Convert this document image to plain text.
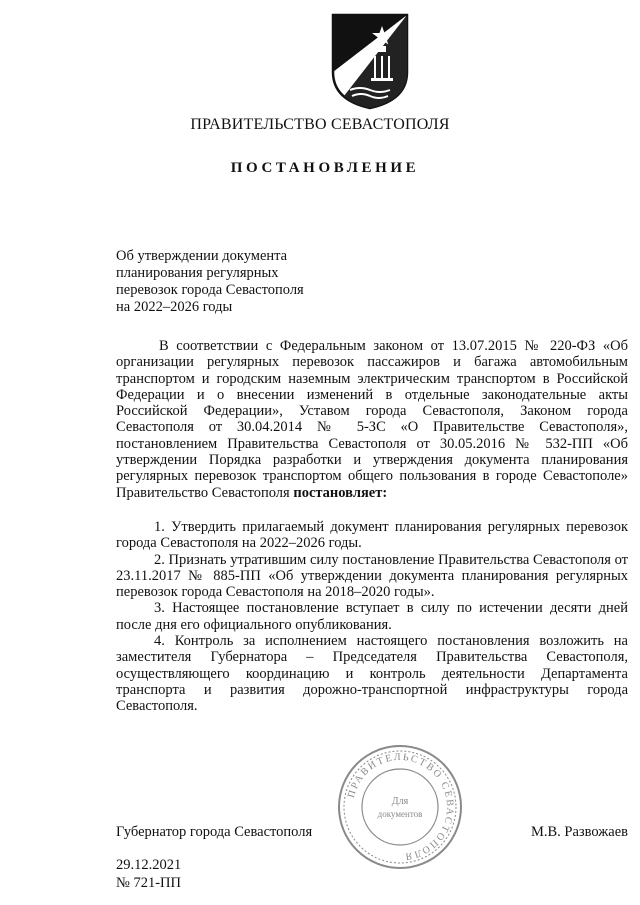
ПРАВИТЕЛЬСТВО СЕВАСТОПОЛЯ
ПОСТАНОВЛЕНИЕ
Об утверждении документа
планирования регулярных
перевозок города Севастополя
на 2022–2026 годы

В соответствии с Федеральным законом от 13.07.2015 № 220-ФЗ «Об организации регулярных перевозок пассажиров и багажа автомобильным транспортом и городским наземным электрическим транспортом в Российской Федерации и о внесении изменений в отдельные законодательные акты Российской Федерации», Уставом города Севастополя, Законом города Севастополя от 30.04.2014 № 5-ЗС «О Правительстве Севастополя», постановлением Правительства Севастополя от 30.05.2016 № 532-ПП «Об утверждении Порядка разработки и утверждения документа планирования регулярных перевозок транспортом общего пользования в городе Севастополе» Правительство Севастополя постановляет:

1. Утвердить прилагаемый документ планирования регулярных перевозок города Севастополя на 2022–2026 годы.

2. Признать утратившим силу постановление Правительства Севастополя от 23.11.2017 № 885-ПП «Об утверждении документа планирования регулярных перевозок города Севастополя на 2018–2020 годы».

3. Настоящее постановление вступает в силу по истечении десяти дней после дня его официального опубликования.

4. Контроль за исполнением настоящего постановления возложить на заместителя Губернатора – Председателя Правительства Севастополя, осуществляющего координацию и контроль деятельности Департамента транспорта и развития дорожно-транспортной инфраструктуры города Севастополя.

Губернатор города Севастополя	М.В. Развожаев
29.12.2021
№ 721-ПП
ПРАВИТЕЛЬСТВО СЕВАСТОПОЛЯ
Для
документов
